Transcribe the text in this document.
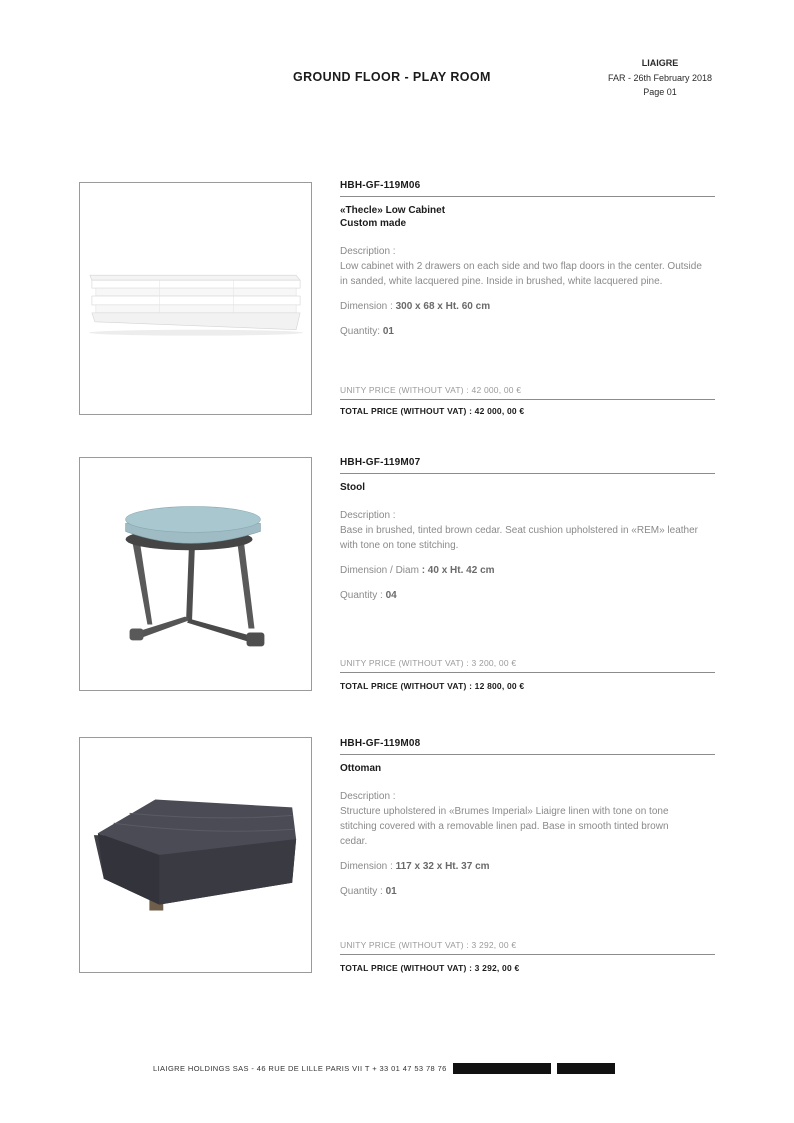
GROUND FLOOR - PLAY ROOM
LIAIGRE
FAR - 26th February 2018
Page 01
HBH-GF-119M06
«Thecle» Low Cabinet
Custom made
Description :
Low cabinet with 2 drawers on each side and two flap doors in the center. Outside in sanded, white lacquered pine. Inside in brushed, white lacquered pine.
Dimension : 300 x 68 x Ht. 60 cm
Quantity: 01
UNITY PRICE (WITHOUT VAT) : 42 000, 00 €
TOTAL PRICE (WITHOUT VAT) : 42 000, 00 €
HBH-GF-119M07
Stool
Description :
Base in brushed, tinted brown cedar. Seat cushion upholstered in «REM» leather with tone on tone stitching.
Dimension / Diam : 40 x Ht. 42 cm
Quantity : 04
UNITY PRICE (WITHOUT VAT) : 3 200, 00 €
TOTAL PRICE (WITHOUT VAT) : 12 800, 00 €
HBH-GF-119M08
Ottoman
Description :
Structure upholstered in «Brumes Imperial» Liaigre linen with tone on tone stitching covered with a removable linen pad. Base in smooth tinted brown cedar.
Dimension : 117 x 32 x Ht. 37 cm
Quantity : 01
UNITY PRICE (WITHOUT VAT) : 3 292, 00 €
TOTAL PRICE (WITHOUT VAT) : 3 292, 00 €
LIAIGRE HOLDINGS SAS - 46 RUE DE LILLE PARIS VII T + 33 01 47 53 78 76
